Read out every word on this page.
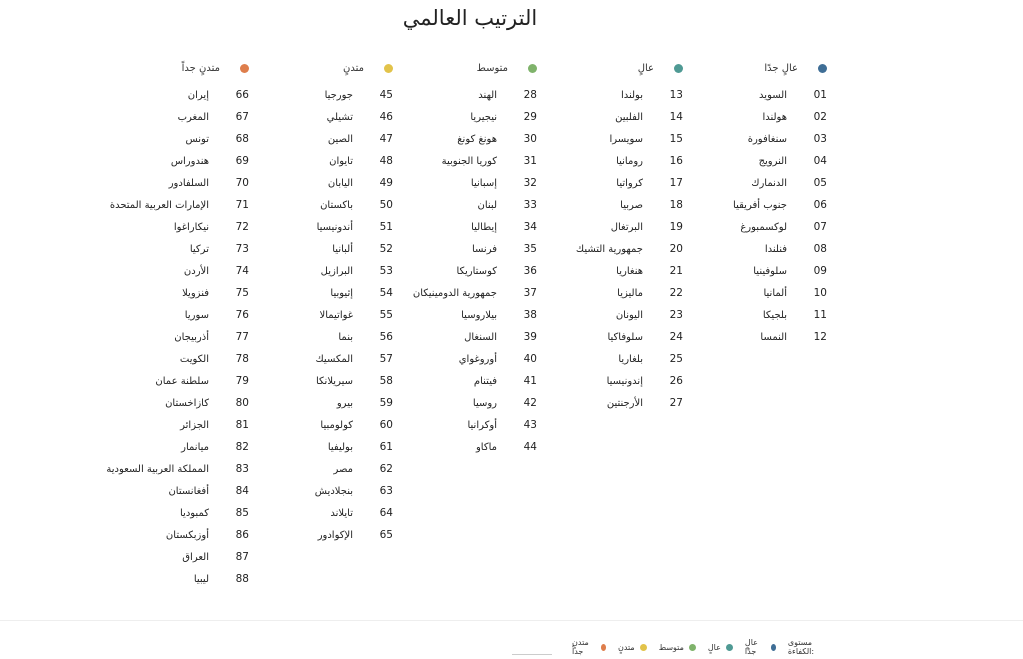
الترتيب العالمي
عالٍ جدًا
01
السويد
02
هولندا
03
سنغافورة
04
النرويج
05
الدنمارك
06
جنوب أفريقيا
07
لوكسمبورغ
08
فنلندا
09
سلوفينيا
10
ألمانيا
11
بلجيكا
12
النمسا
عالٍ
13
بولندا
14
الفلبين
15
سويسرا
16
رومانيا
17
كرواتيا
18
صربيا
19
البرتغال
20
جمهورية التشيك
21
هنغاريا
22
ماليزيا
23
اليونان
24
سلوفاكيا
25
بلغاريا
26
إندونيسيا
27
الأرجنتين
متوسط
28
الهند
29
نيجيريا
30
هونغ كونغ
31
كوريا الجنوبية
32
إسبانيا
33
لبنان
34
إيطاليا
35
فرنسا
36
كوستاريكا
37
جمهورية الدومينيكان
38
بيلاروسيا
39
السنغال
40
أوروغواي
41
فيتنام
42
روسيا
43
أوكرانيا
44
ماكاو
متدنٍ
45
جورجيا
46
تشيلي
47
الصين
48
تايوان
49
اليابان
50
باكستان
51
أندونيسيا
52
ألبانيا
53
البرازيل
54
إثيوبيا
55
غواتيمالا
56
بنما
57
المكسيك
58
سيريلانكا
59
بيرو
60
كولومبيا
61
بوليفيا
62
مصر
63
بنجلاديش
64
تايلاند
65
الإكوادور
متدنٍ جداً
66
إيران
67
المغرب
68
تونس
69
هندوراس
70
السلفادور
71
الإمارات العربية المتحدة
72
نيكاراغوا
73
تركيا
74
الأردن
75
فنزويلا
76
سوريا
77
أذربيجان
78
الكويت
79
سلطنة عمان
80
كازاخستان
81
الجزائر
82
ميانمار
83
المملكة العربية السعودية
84
أفغانستان
85
كمبوديا
86
أوزبكستان
87
العراق
88
ليبيا
مستوى الكفاءة:
عالٍ جدًا
عالٍ
متوسط
متدنٍ
متدنٍ جداً
